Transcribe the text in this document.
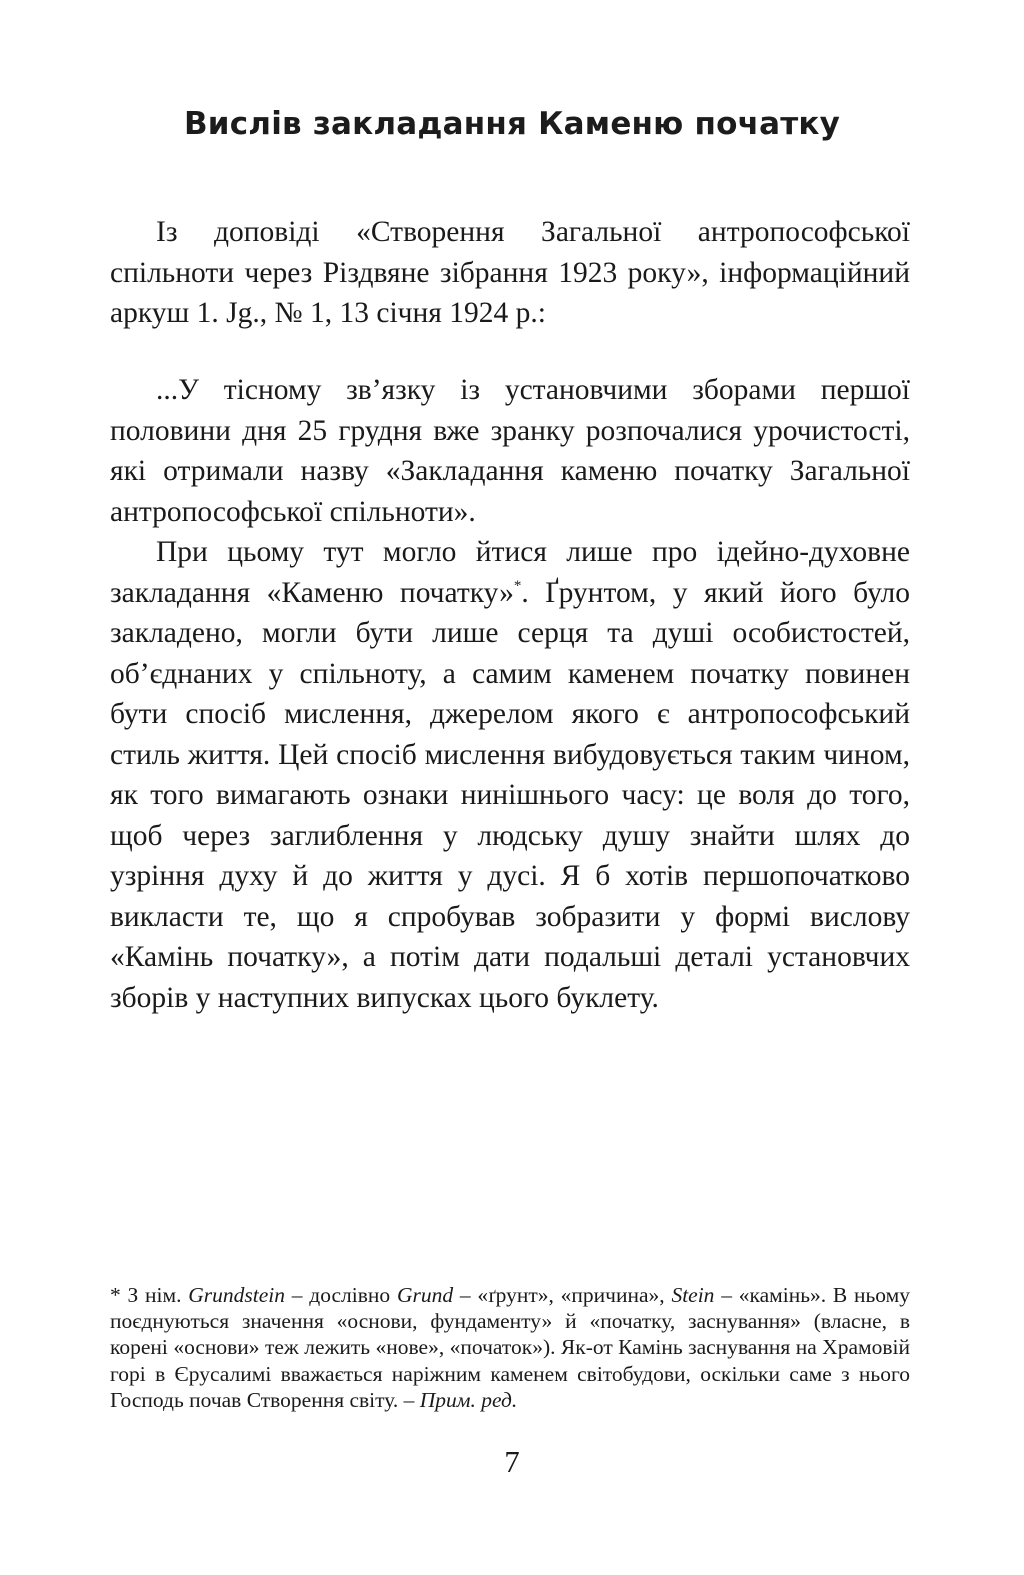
Вислів закладання Каменю початку

Із доповіді «Створення Загальної антропософської спільноти через Різдвяне зібрання 1923 року», інформаційний аркуш 1. Jg., № 1, 13 січня 1924 р.:

...У тісному зв’язку із установчими зборами першої половини дня 25 грудня вже зранку розпочалися урочистості, які отримали назву «Закладання каменю початку Загальної антропософської спільноти».

При цьому тут могло йтися лише про ідейно-духовне закладання «Каменю початку»*. Ґрунтом, у який його було закладено, могли бути лише серця та душі особистостей, об’єднаних у спільноту, а самим каменем початку повинен бути спосіб мислення, джерелом якого є антропософський стиль життя. Цей спосіб мислення вибудовується таким чином, як того вимагають ознаки нинішнього часу: це воля до того, щоб через заглиблення у людську душу знайти шлях до узріння духу й до життя у дусі. Я б хотів першопочатково викласти те, що я спробував зобразити у формі вислову «Камінь початку», а потім дати подальші деталі установчих зборів у наступних випусках цього буклету.

* З нім. Grundstein – дослівно Grund – «ґрунт», «причина», Stein – «камінь». В ньому поєднуються значення «основи, фундаменту» й «початку, заснування» (власне, в корені «основи» теж лежить «нове», «початок»). Як-от Камінь заснування на Храмовій горі в Єрусалимі вважається наріжним каменем світобудови, оскільки саме з нього Господь почав Створення світу. – Прим. ред.
7
